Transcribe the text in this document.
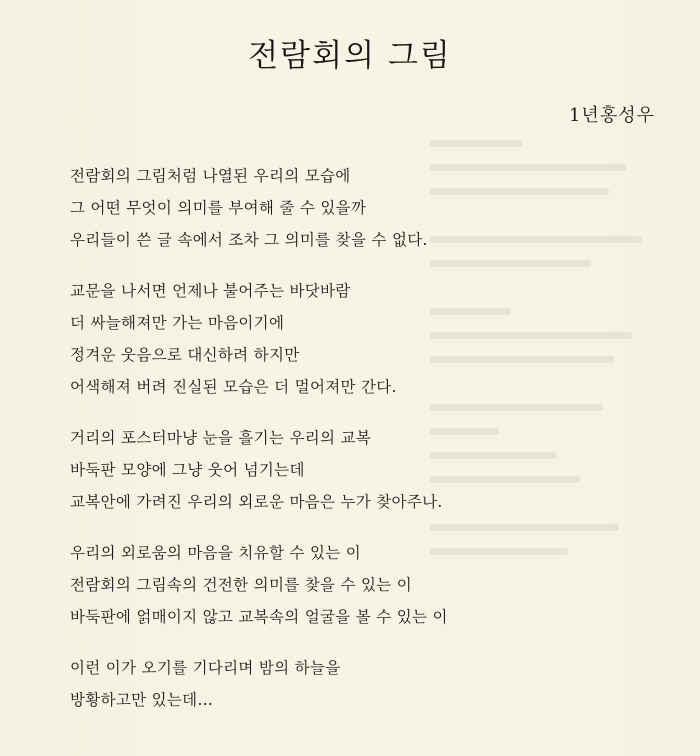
전람회의 그림
1년홍성우
전람회의 그림처럼 나열된 우리의 모습에
그 어떤 무엇이 의미를 부여해 줄 수 있을까
우리들이 쓴 글 속에서 조차 그 의미를 찾을 수 없다.
교문을 나서면 언제나 불어주는 바닷바람
더 싸늘해져만 가는 마음이기에
정겨운 웃음으로 대신하려 하지만
어색해져 버려 진실된 모습은 더 멀어져만 간다.
거리의 포스터마냥 눈을 흘기는 우리의 교복
바둑판 모양에 그냥 웃어 넘기는데
교복안에 가려진 우리의 외로운 마음은 누가 찾아주나.
우리의 외로움의 마음을 치유할 수 있는 이
전람회의 그림속의 건전한 의미를 찾을 수 있는 이
바둑판에 얽매이지 않고 교복속의 얼굴을 볼 수 있는 이
이런 이가 오기를 기다리며 밤의 하늘을
방황하고만 있는데…
